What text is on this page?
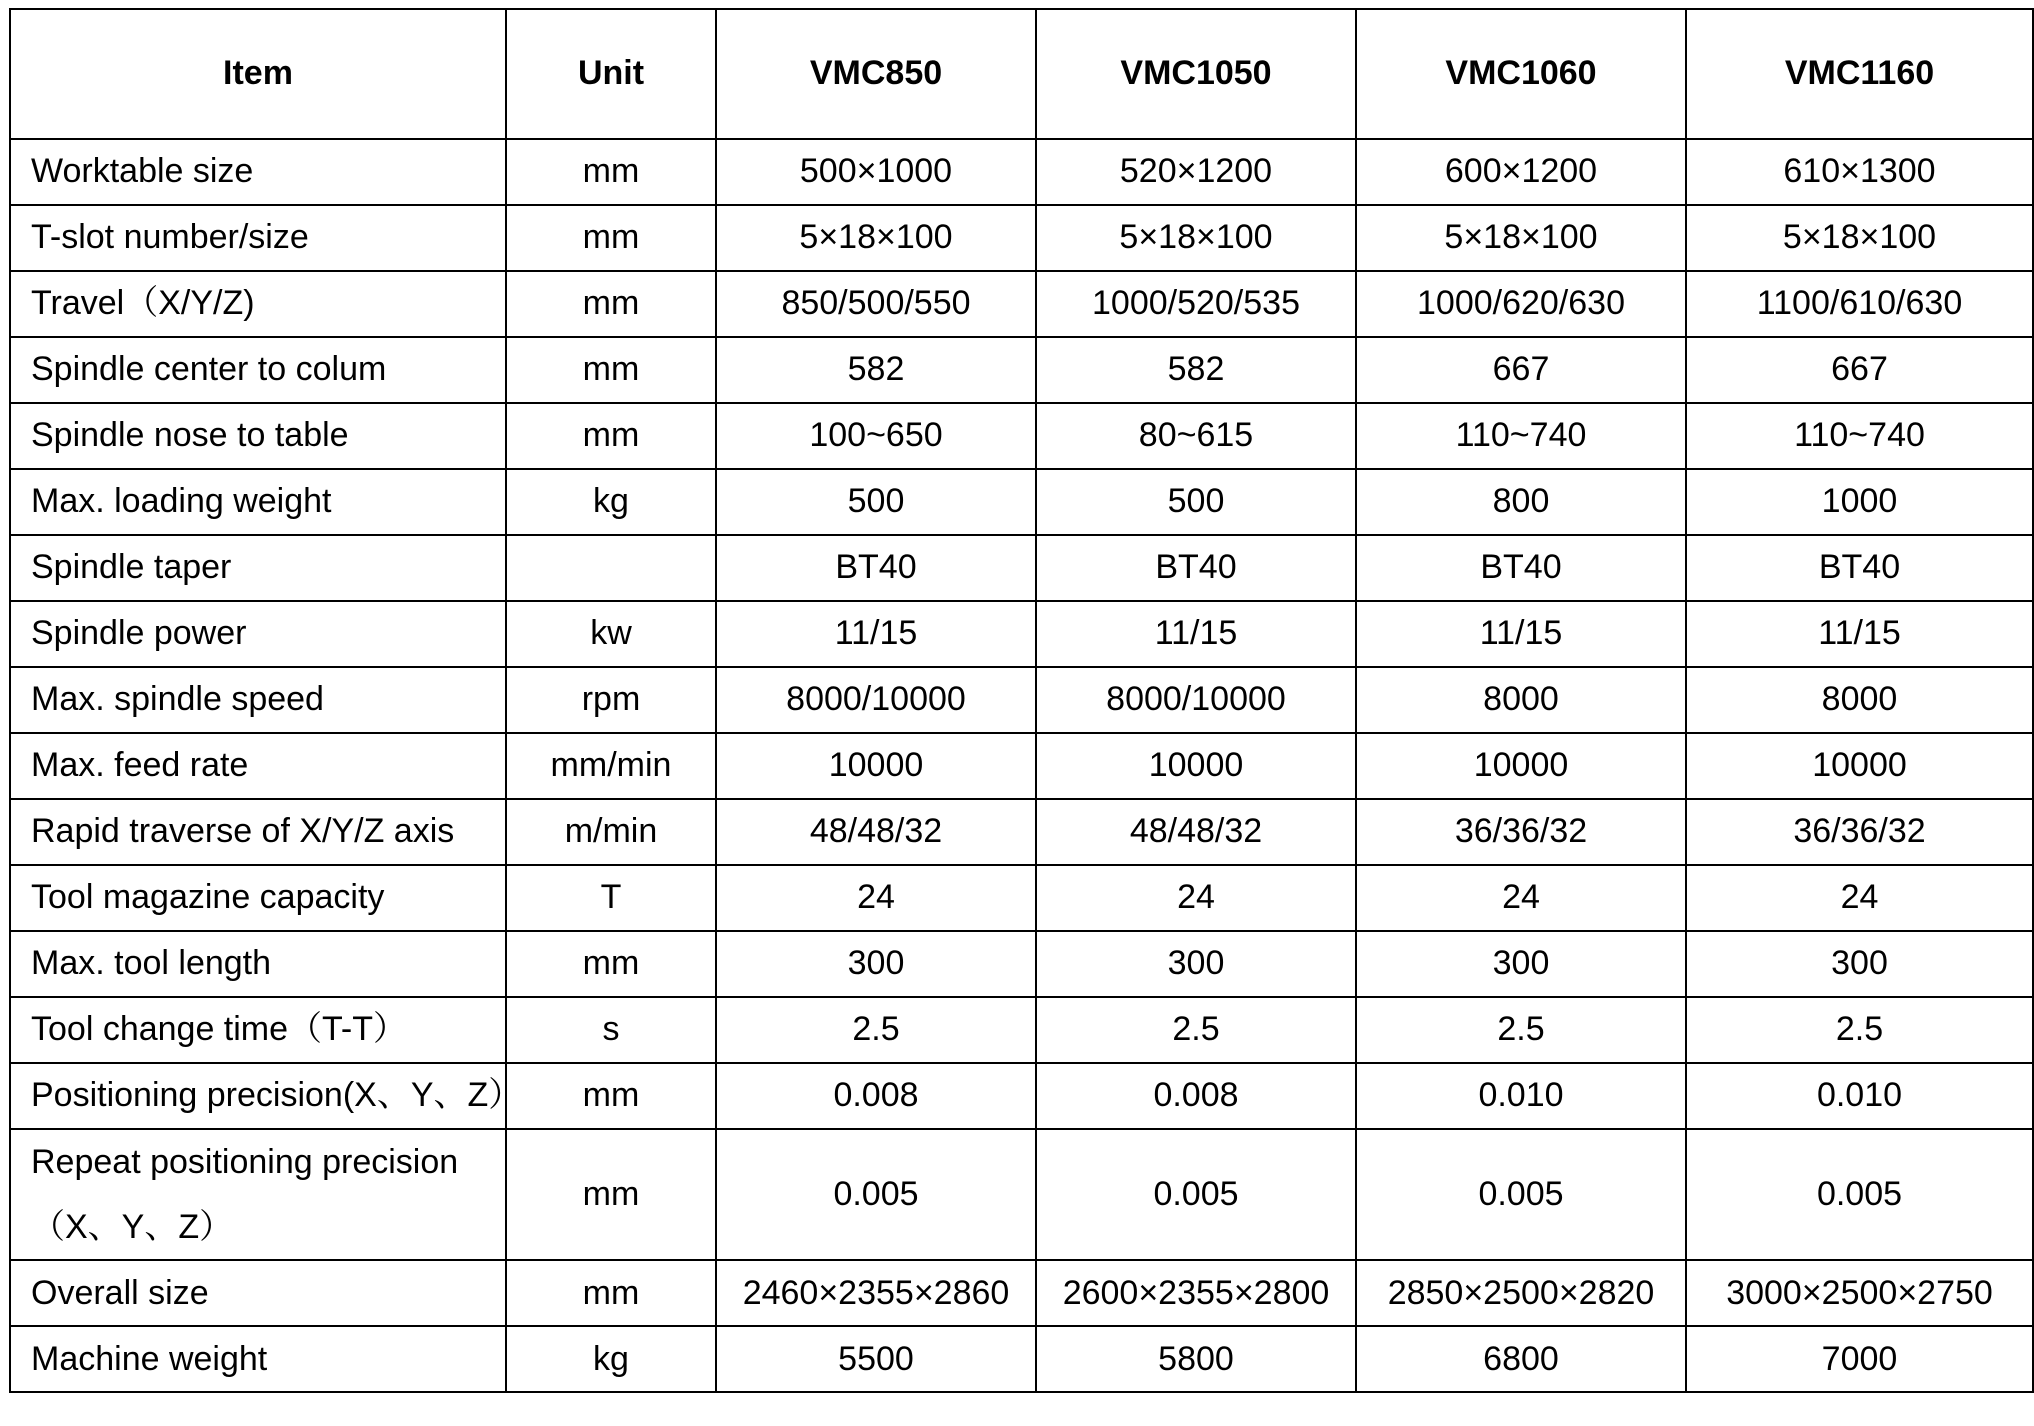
Item	Unit	VMC850	VMC1050	VMC1060	VMC1160
Worktable size	mm	500×1000	520×1200	600×1200	610×1300
T-slot number/size	mm	5×18×100	5×18×100	5×18×100	5×18×100
Travel（X/Y/Z)	mm	850/500/550	1000/520/535	1000/620/630	1100/610/630
Spindle center to colum	mm	582	582	667	667
Spindle nose to table	mm	100~650	80~615	110~740	110~740
Max. loading weight	kg	500	500	800	1000
Spindle taper		BT40	BT40	BT40	BT40
Spindle power	kw	11/15	11/15	11/15	11/15
Max. spindle speed	rpm	8000/10000	8000/10000	8000	8000
Max. feed rate	mm/min	10000	10000	10000	10000
Rapid traverse of X/Y/Z axis	m/min	48/48/32	48/48/32	36/36/32	36/36/32
Tool magazine capacity	T	24	24	24	24
Max. tool length	mm	300	300	300	300
Tool change time（T-T）	s	2.5	2.5	2.5	2.5
Positioning precision(X、Y、Z）	mm	0.008	0.008	0.010	0.010
Repeat positioning precision（X、Y、Z）	mm	0.005	0.005	0.005	0.005
Overall size	mm	2460×2355×2860	2600×2355×2800	2850×2500×2820	3000×2500×2750
Machine weight	kg	5500	5800	6800	7000
